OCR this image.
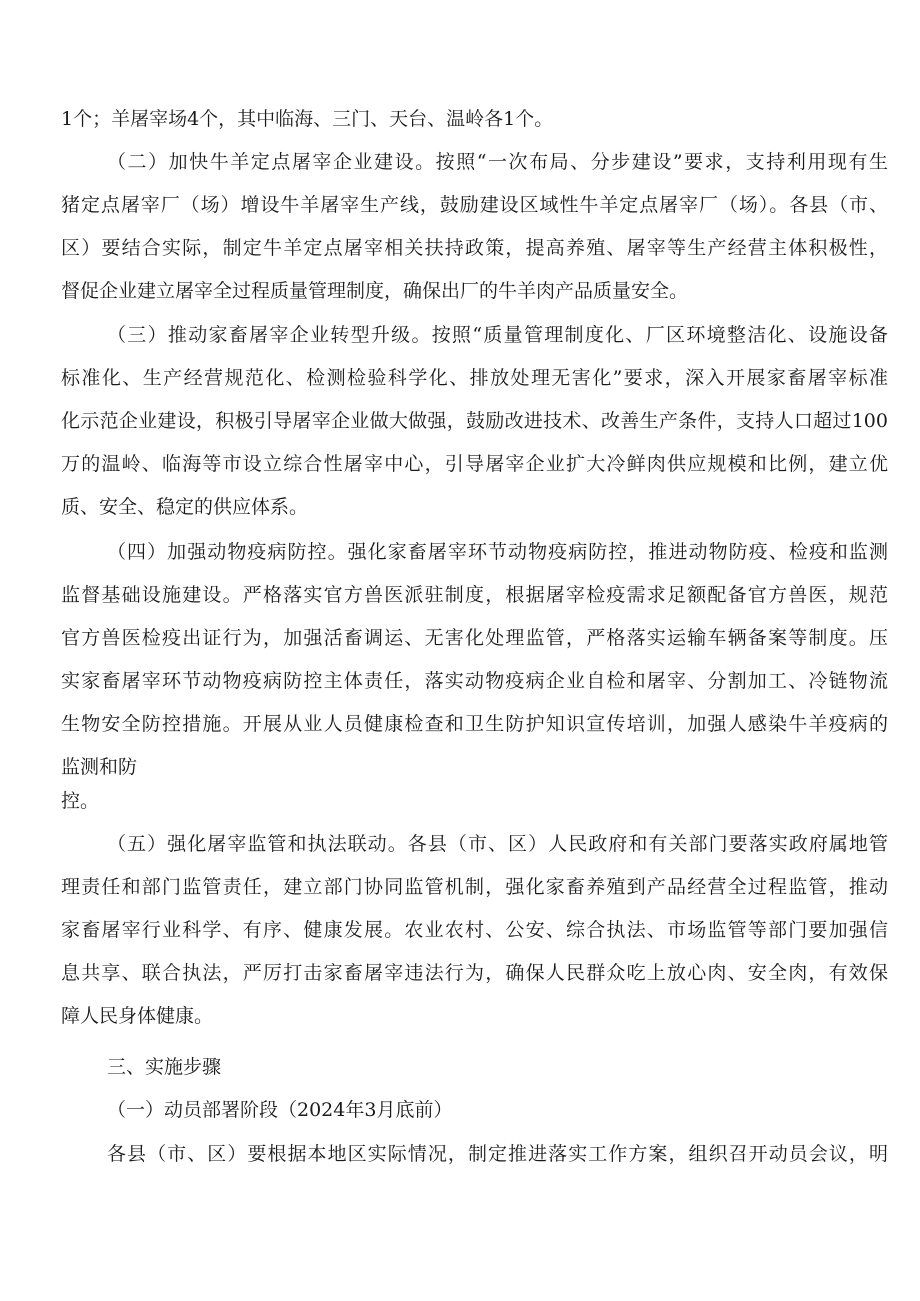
1个；羊屠宰场4个，其中临海、三门、天台、温岭各1个。
（二）加快牛羊定点屠宰企业建设。按照“一次布局、分步建设”要求，支持利用现有生
猪定点屠宰厂（场）增设牛羊屠宰生产线，鼓励建设区域性牛羊定点屠宰厂（场）。各县（市、
区）要结合实际，制定牛羊定点屠宰相关扶持政策，提高养殖、屠宰等生产经营主体积极性，
督促企业建立屠宰全过程质量管理制度，确保出厂的牛羊肉产品质量安全。
（三）推动家畜屠宰企业转型升级。按照“质量管理制度化、厂区环境整洁化、设施设备
标准化、生产经营规范化、检测检验科学化、排放处理无害化”要求，深入开展家畜屠宰标准
化示范企业建设，积极引导屠宰企业做大做强，鼓励改进技术、改善生产条件，支持人口超过100
万的温岭、临海等市设立综合性屠宰中心，引导屠宰企业扩大冷鲜肉供应规模和比例，建立优
质、安全、稳定的供应体系。
（四）加强动物疫病防控。强化家畜屠宰环节动物疫病防控，推进动物防疫、检疫和监测
监督基础设施建设。严格落实官方兽医派驻制度，根据屠宰检疫需求足额配备官方兽医，规范
官方兽医检疫出证行为，加强活畜调运、无害化处理监管，严格落实运输车辆备案等制度。压
实家畜屠宰环节动物疫病防控主体责任，落实动物疫病企业自检和屠宰、分割加工、冷链物流
生物安全防控措施。开展从业人员健康检查和卫生防护知识宣传培训，加强人感染牛羊疫病的
监测和防
控。
（五）强化屠宰监管和执法联动。各县（市、区）人民政府和有关部门要落实政府属地管
理责任和部门监管责任，建立部门协同监管机制，强化家畜养殖到产品经营全过程监管，推动
家畜屠宰行业科学、有序、健康发展。农业农村、公安、综合执法、市场监管等部门要加强信
息共享、联合执法，严厉打击家畜屠宰违法行为，确保人民群众吃上放心肉、安全肉，有效保
障人民身体健康。
三、实施步骤
（一）动员部署阶段（2024年3月底前）
各县（市、区）要根据本地区实际情况，制定推进落实工作方案，组织召开动员会议，明
